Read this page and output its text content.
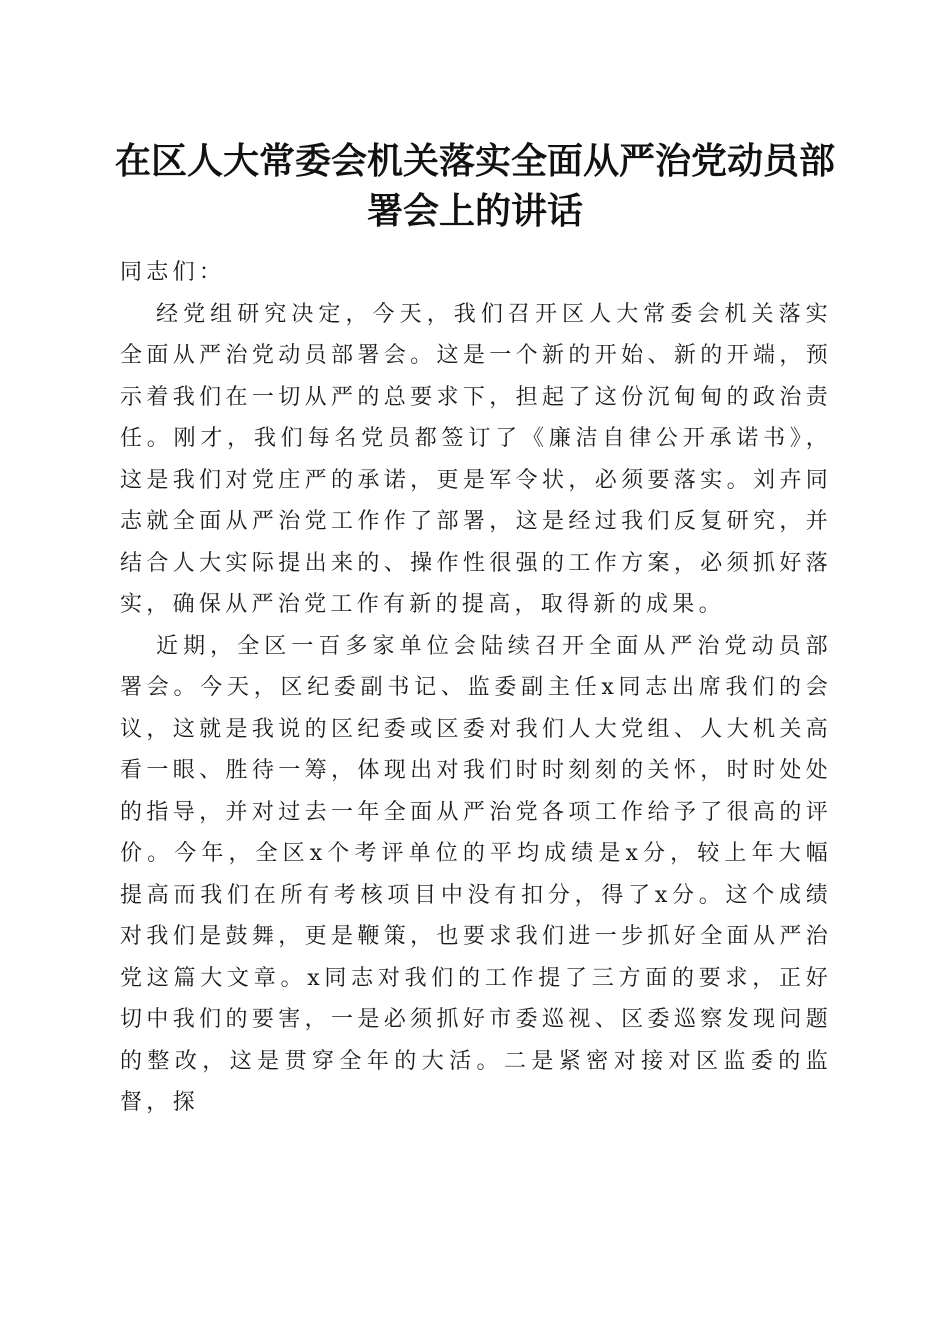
在区人大常委会机关落实全面从严治党动员部署会上的讲话

同志们：

经党组研究决定，今天，我们召开区人大常委会机关落实全面从严治党动员部署会。这是一个新的开始、新的开端，预示着我们在一切从严的总要求下，担起了这份沉甸甸的政治责任。刚才，我们每名党员都签订了《廉洁自律公开承诺书》，这是我们对党庄严的承诺，更是军令状，必须要落实。刘卉同志就全面从严治党工作作了部署，这是经过我们反复研究，并结合人大实际提出来的、操作性很强的工作方案，必须抓好落实，确保从严治党工作有新的提高，取得新的成果。

近期，全区一百多家单位会陆续召开全面从严治党动员部署会。今天，区纪委副书记、监委副主任x同志出席我们的会议，这就是我说的区纪委或区委对我们人大党组、人大机关高看一眼、胜待一筹，体现出对我们时时刻刻的关怀，时时处处的指导，并对过去一年全面从严治党各项工作给予了很高的评价。今年，全区x个考评单位的平均成绩是x分，较上年大幅提高而我们在所有考核项目中没有扣分，得了x分。这个成绩对我们是鼓舞，更是鞭策，也要求我们进一步抓好全面从严治党这篇大文章。x同志对我们的工作提了三方面的要求，正好切中我们的要害，一是必须抓好市委巡视、区委巡察发现问题的整改，这是贯穿全年的大活。二是紧密对接对区监委的监督，探
